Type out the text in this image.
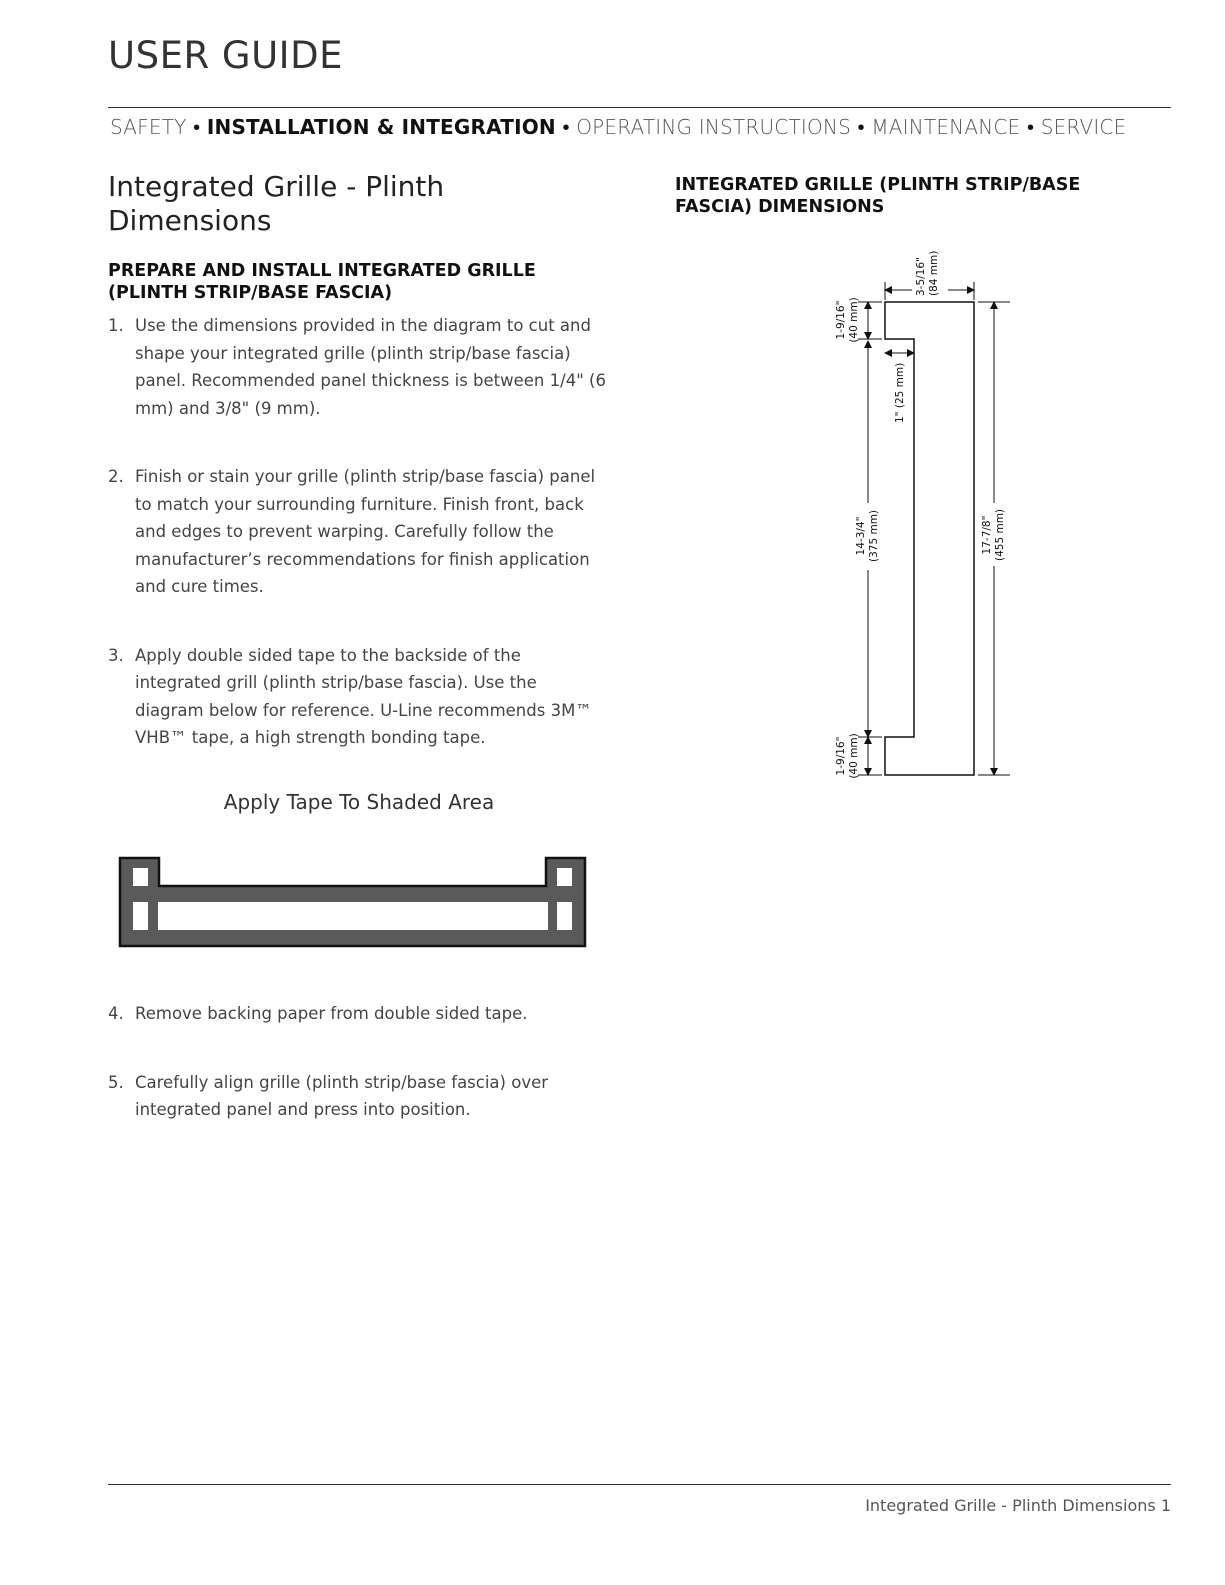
USER GUIDE
SAFETY • INSTALLATION & INTEGRATION • OPERATING INSTRUCTIONS • MAINTENANCE • SERVICE
Integrated Grille - Plinth Dimensions
PREPARE AND INSTALL INTEGRATED GRILLE
(PLINTH STRIP/BASE FASCIA)
1. Use the dimensions provided in the diagram to cut and shape your integrated grille (plinth strip/base fascia) panel. Recommended panel thickness is between 1/4" (6 mm) and 3/8" (9 mm).
2. Finish or stain your grille (plinth strip/base fascia) panel to match your surrounding furniture. Finish front, back and edges to prevent warping. Carefully follow the manufacturer’s recommendations for finish application and cure times.
3. Apply double sided tape to the backside of the integrated grill (plinth strip/base fascia). Use the diagram below for reference. U-Line recommends 3M™ VHB™ tape, a high strength bonding tape.
Apply Tape To Shaded Area
4. Remove backing paper from double sided tape.
5. Carefully align grille (plinth strip/base fascia) over integrated panel and press into position.
INTEGRATED GRILLE (PLINTH STRIP/BASE
FASCIA) DIMENSIONS
3-5/16" (84 mm)
1-9/16" (40 mm)
1" (25 mm)
14-3/4" (375 mm)
1-9/16" (40 mm)
17-7/8" (455 mm)
Integrated Grille - Plinth Dimensions 1
